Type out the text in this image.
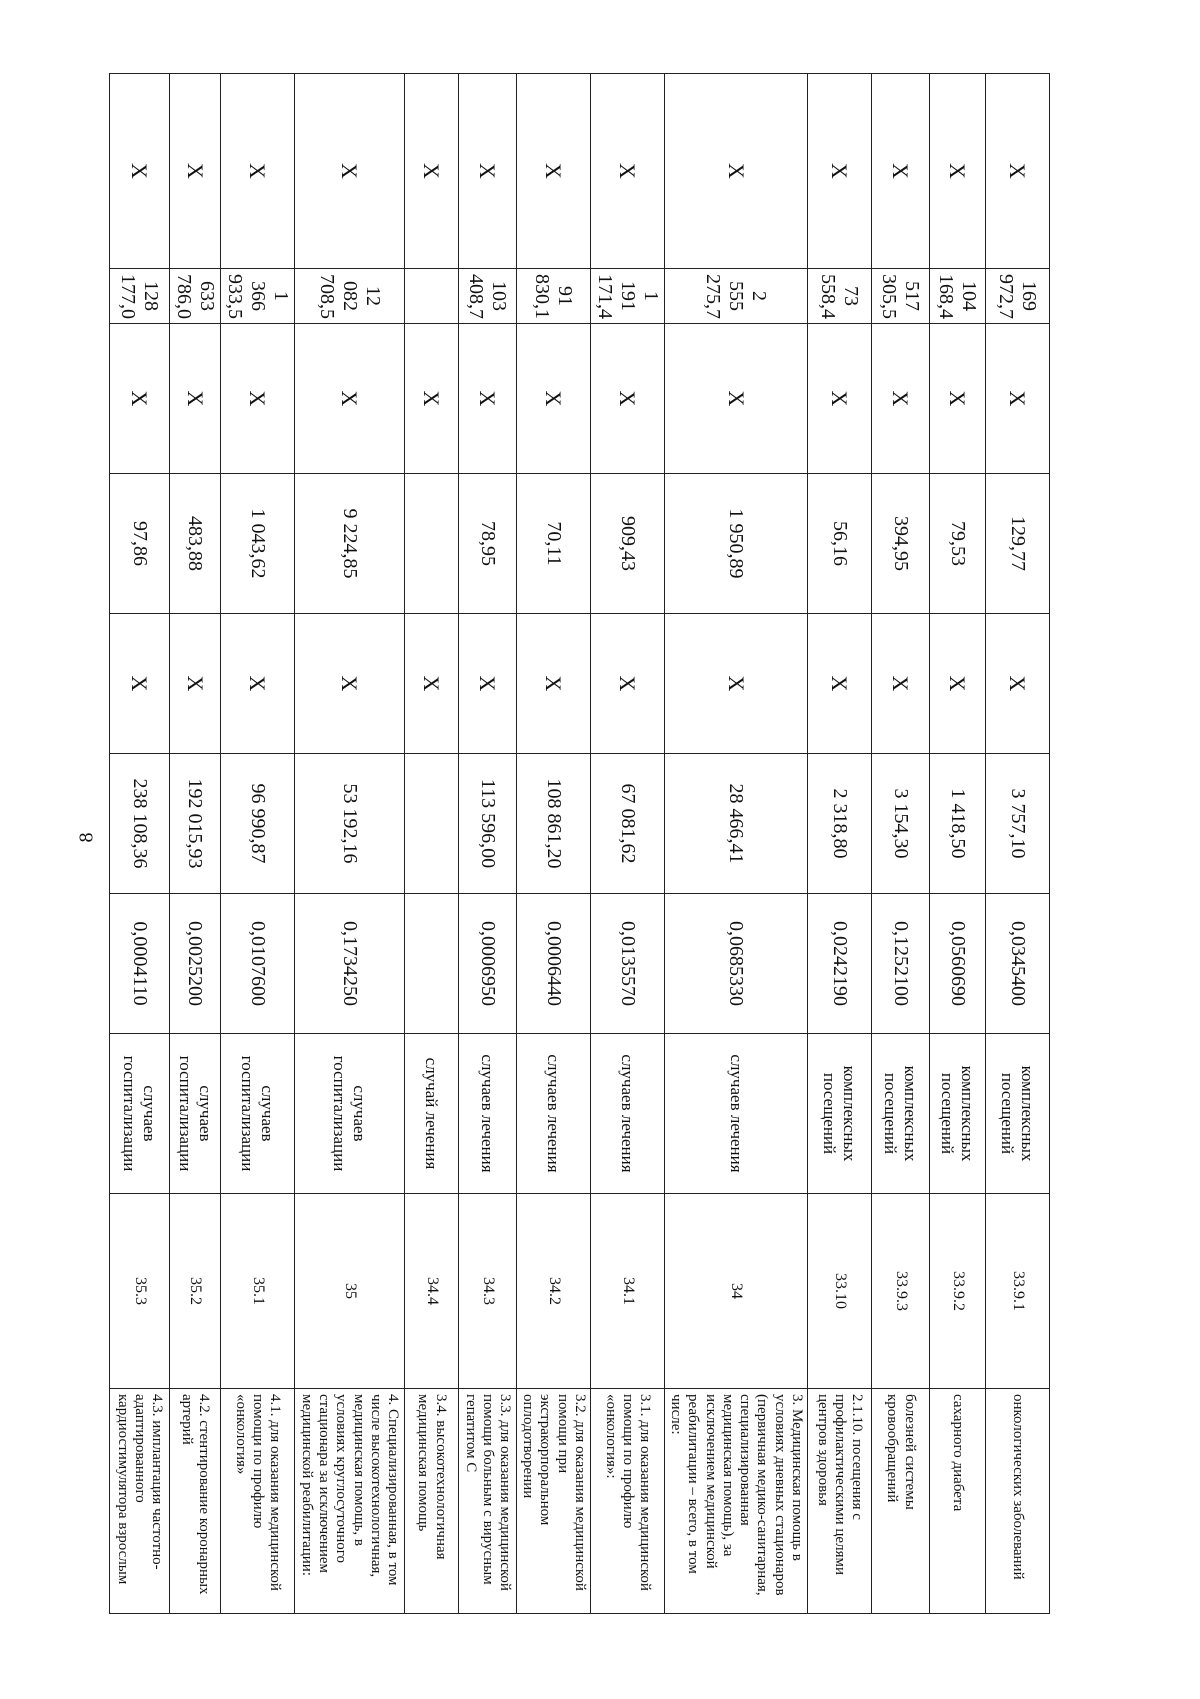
8
X	169 972,7	X	129,77	X	3 757,10	0,0345400	комплексных посещений	33.9.1	онкологических заболеваний
X	104 168,4	X	79,53	X	1 418,50	0,0560690	комплексных посещений	33.9.2	сахарного диабета
X	517 305,5	X	394,95	X	3 154,30	0,1252100	комплексных посещений	33.9.3	болезней системы кровообращений
X	73 558,4	X	56,16	X	2 318,80	0,0242190	комплексных посещений	33.10	2.1.10. посещения с профилактическими целями центров здоровья
X	2 555 275,7	X	1 950,89	X	28 466,41	0,0685330	случаев лечения	34	3. Медицинская помощь в условиях дневных стационаров (первичная медико-санитарная, специализированная медицинская помощь), за исключением медицинской реабилитации – всего, в том числе:
X	1 191 171,4	X	909,43	X	67 081,62	0,0135570	случаев лечения	34.1	3.1. для оказания медицинской помощи по профилю «онкология»:
X	91 830,1	X	70,11	X	108 861,20	0,0006440	случаев лечения	34.2	3.2. для оказания медицинской помощи при экстракорпоральном оплодотворении
X	103 408,7	X	78,95	X	113 596,00	0,0006950	случаев лечения	34.3	3.3. для оказания медицинской помощи больным с вирусным гепатитом С
X		X		X			случай лечения	34.4	3.4. высокотехнологичная медицинская помощь
X	12 082 708,5	X	9 224,85	X	53 192,16	0,1734250	случаев госпитализации	35	4. Специализированная, в том числе высокотехнологичная, медицинская помощь, в условиях круглосуточного стационара за исключением медицинской реабилитации:
X	1 366 933,5	X	1 043,62	X	96 990,87	0,0107600	случаев госпитализации	35.1	4.1. для оказания медицинской помощи по профилю «онкология»
X	633 786,0	X	483,88	X	192 015,93	0,0025200	случаев госпитализации	35.2	4.2. стентирование коронарных артерий
X	128 177,0	X	97,86	X	238 108,36	0,0004110	случаев госпитализации	35.3	4.3. имплантация частотно-адаптированного кардиостимулятора взрослым
